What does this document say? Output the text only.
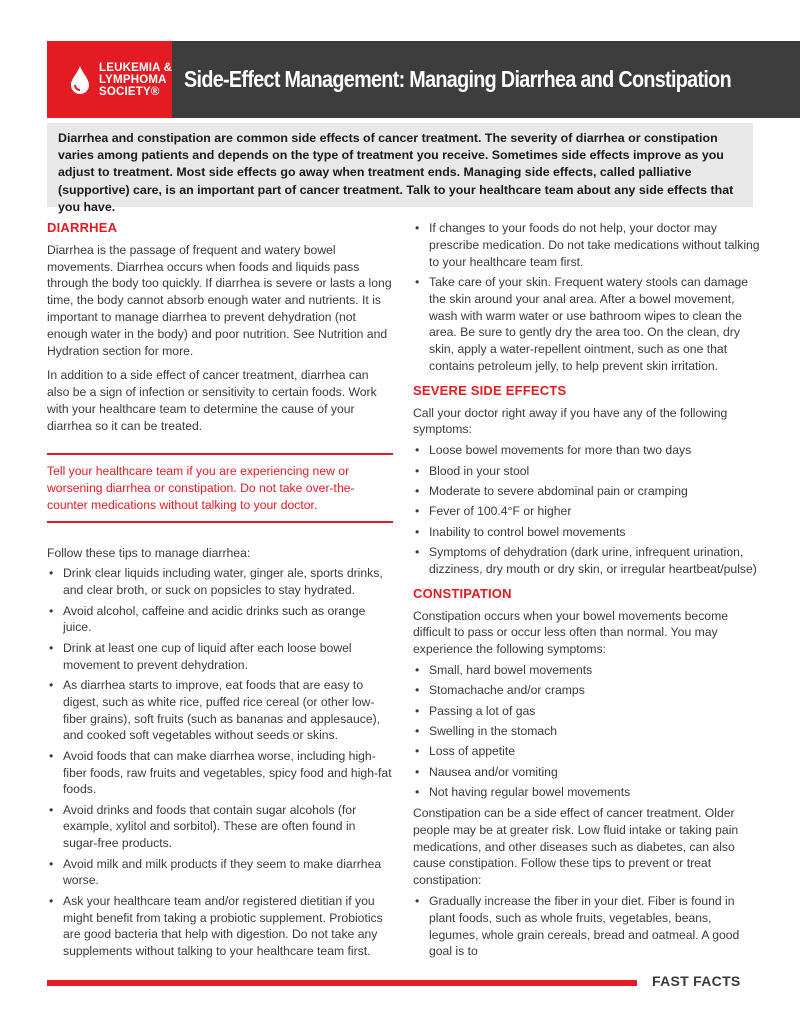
LEUKEMIA &
LYMPHOMA
SOCIETY®	Side-Effect Management: Managing Diarrhea and Constipation
Diarrhea and constipation are common side effects of cancer treatment. The severity of diarrhea or constipation varies among patients and depends on the type of treatment you receive. Sometimes side effects improve as you adjust to treatment. Most side effects go away when treatment ends. Managing side effects, called palliative (supportive) care, is an important part of cancer treatment. Talk to your healthcare team about any side effects that you have.
DIARRHEA

Diarrhea is the passage of frequent and watery bowel movements. Diarrhea occurs when foods and liquids pass through the body too quickly. If diarrhea is severe or lasts a long time, the body cannot absorb enough water and nutrients. It is important to manage diarrhea to prevent dehydration (not enough water in the body) and poor nutrition. See Nutrition and Hydration section for more.

In addition to a side effect of cancer treatment, diarrhea can also be a sign of infection or sensitivity to certain foods. Work with your healthcare team to determine the cause of your diarrhea so it can be treated.

Tell your healthcare team if you are experiencing new or worsening diarrhea or constipation. Do not take over-the-counter medications without talking to your doctor.

Follow these tips to manage diarrhea:

• Drink clear liquids including water, ginger ale, sports drinks, and clear broth, or suck on popsicles to stay hydrated.
• Avoid alcohol, caffeine and acidic drinks such as orange juice.
• Drink at least one cup of liquid after each loose bowel movement to prevent dehydration.
• As diarrhea starts to improve, eat foods that are easy to digest, such as white rice, puffed rice cereal (or other low-fiber grains), soft fruits (such as bananas and applesauce), and cooked soft vegetables without seeds or skins.
• Avoid foods that can make diarrhea worse, including high-fiber foods, raw fruits and vegetables, spicy food and high-fat foods.
• Avoid drinks and foods that contain sugar alcohols (for example, xylitol and sorbitol). These are often found in sugar-free products.
• Avoid milk and milk products if they seem to make diarrhea worse.
• Ask your healthcare team and/or registered dietitian if you might benefit from taking a probiotic supplement. Probiotics are good bacteria that help with digestion. Do not take any supplements without talking to your healthcare team first.
• If changes to your foods do not help, your doctor may prescribe medication. Do not take medications without talking to your healthcare team first.
• Take care of your skin. Frequent watery stools can damage the skin around your anal area. After a bowel movement, wash with warm water or use bathroom wipes to clean the area. Be sure to gently dry the area too. On the clean, dry skin, apply a water-repellent ointment, such as one that contains petroleum jelly, to help prevent skin irritation.
SEVERE SIDE EFFECTS

Call your doctor right away if you have any of the following symptoms:

• Loose bowel movements for more than two days
• Blood in your stool
• Moderate to severe abdominal pain or cramping
• Fever of 100.4°F or higher
• Inability to control bowel movements
• Symptoms of dehydration (dark urine, infrequent urination, dizziness, dry mouth or dry skin, or irregular heartbeat/pulse)
CONSTIPATION

Constipation occurs when your bowel movements become difficult to pass or occur less often than normal. You may experience the following symptoms:

• Small, hard bowel movements
• Stomachache and/or cramps
• Passing a lot of gas
• Swelling in the stomach
• Loss of appetite
• Nausea and/or vomiting
• Not having regular bowel movements

Constipation can be a side effect of cancer treatment. Older people may be at greater risk. Low fluid intake or taking pain medications, and other diseases such as diabetes, can also cause constipation. Follow these tips to prevent or treat constipation:

• Gradually increase the fiber in your diet. Fiber is found in plant foods, such as whole fruits, vegetables, beans, legumes, whole grain cereals, bread and oatmeal. A good goal is to
FAST FACTS
